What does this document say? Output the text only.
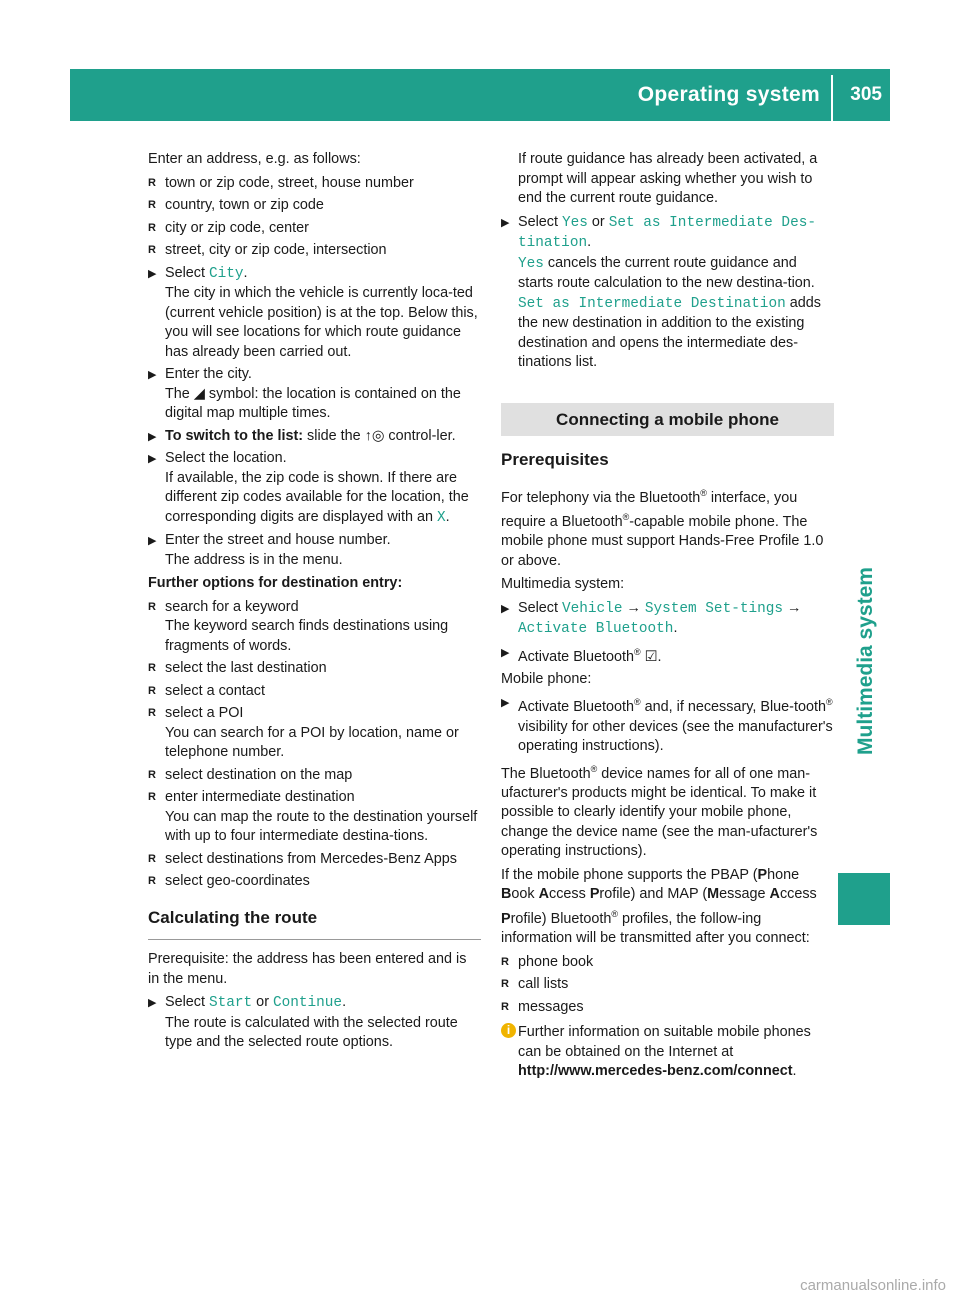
Operating system 305
Multimedia system

Enter an address, e.g. as follows:

R town or zip code, street, house number
R country, town or zip code
R city or zip code, center
R street, city or zip code, intersection
▶ Select City.
The city in which the vehicle is currently loca-ted (current vehicle position) is at the top. Below this, you will see locations for which route guidance has already been carried out.
▶ Enter the city.
The ◢ symbol: the location is contained on the digital map multiple times.
▶ To switch to the list: slide the ↑◎ control-ler.
▶ Select the location.
If available, the zip code is shown. If there are different zip codes available for the location, the corresponding digits are displayed with an X.
▶ Enter the street and house number.
The address is in the menu.

Further options for destination entry:

R search for a keyword
The keyword search finds destinations using fragments of words.
R select the last destination
R select a contact
R select a POI
You can search for a POI by location, name or telephone number.
R select destination on the map
R enter intermediate destination
You can map the route to the destination yourself with up to four intermediate destina-tions.
R select destinations from Mercedes-Benz Apps
R select geo-coordinates
Calculating the route

Prerequisite: the address has been entered and is in the menu.

▶ Select Start or Continue.
The route is calculated with the selected route type and the selected route options.

If route guidance has already been activated, a prompt will appear asking whether you wish to end the current route guidance.

▶ Select Yes or Set as Intermediate Des-tination.
Yes cancels the current route guidance and starts route calculation to the new destina-tion.
Set as Intermediate Destination adds the new destination in addition to the existing destination and opens the intermediate des-tinations list.
Connecting a mobile phone
Prerequisites

For telephony via the Bluetooth® interface, you require a Bluetooth®-capable mobile phone. The mobile phone must support Hands-Free Profile 1.0 or above.

Multimedia system:

▶ Select Vehicle → System Set-tings → Activate Bluetooth.
▶ Activate Bluetooth® ☑.

Mobile phone:

▶ Activate Bluetooth® and, if necessary, Blue-tooth® visibility for other devices (see the manufacturer's operating instructions).

The Bluetooth® device names for all of one man-ufacturer's products might be identical. To make it possible to clearly identify your mobile phone, change the device name (see the man-ufacturer's operating instructions).

If the mobile phone supports the PBAP (Phone Book Access Profile) and MAP (Message Access Profile) Bluetooth® profiles, the follow-ing information will be transmitted after you connect:

R phone book
R call lists
R messages
i Further information on suitable mobile phones can be obtained on the Internet at http://www.mercedes-benz.com/connect.
carmanualsonline.info
